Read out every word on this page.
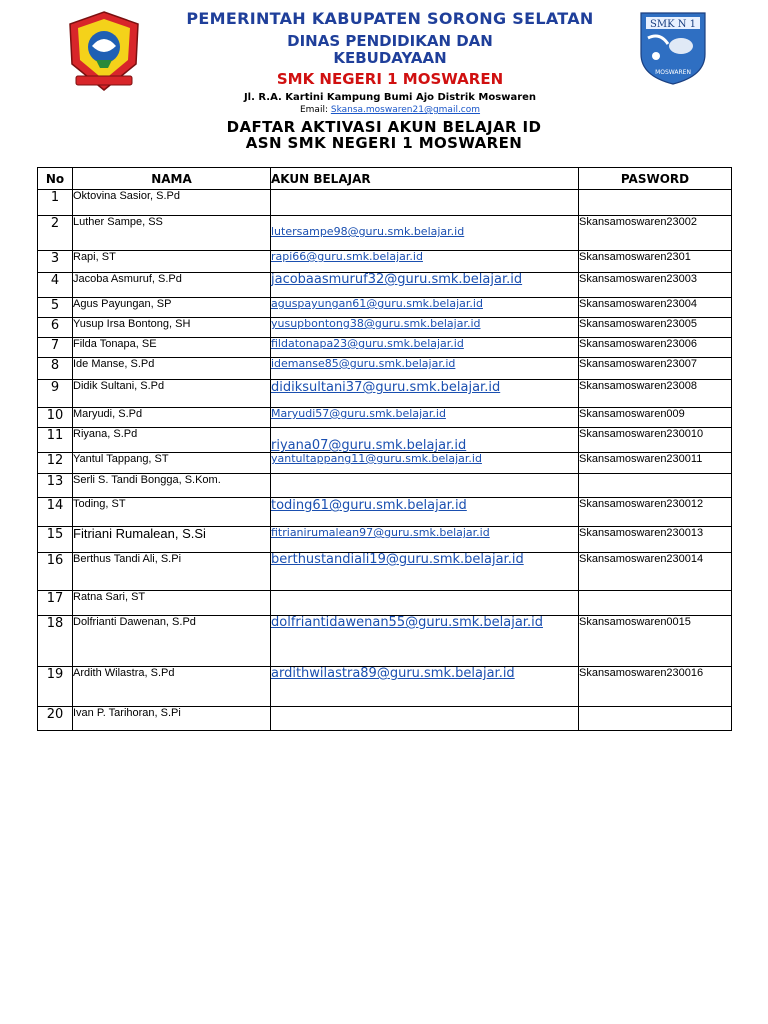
PEMERINTAH KABUPATEN SORONG SELATAN
DINAS PENDIDIKAN DAN
KEBUDAYAAN
SMK NEGERI 1 MOSWAREN
Jl. R.A. Kartini Kampung Bumi Ajo Distrik Moswaren
Email: Skansa.moswaren21@gmail.com
SMK N 1
MOSWAREN
DAFTAR AKTIVASI AKUN BELAJAR ID
ASN SMK NEGERI 1 MOSWAREN
No	NAMA	AKUN BELAJAR	PASWORD
1	Oktovina Sasior, S.Pd	

2	Luther Sampe, SS	lutersampe98@guru.smk.belajar.id	Skansamoswaren23002
3	Rapi, ST	rapi66@guru.smk.belajar.id	Skansamoswaren2301
4	Jacoba Asmuruf, S.Pd	jacobaasmuruf32@guru.smk.belajar.id	Skansamoswaren23003
5	Agus Payungan, SP	aguspayungan61@guru.smk.belajar.id	Skansamoswaren23004
6	Yusup Irsa Bontong, SH	yusupbontong38@guru.smk.belajar.id	Skansamoswaren23005
7	Filda Tonapa, SE	fildatonapa23@guru.smk.belajar.id	Skansamoswaren23006
8	Ide Manse, S.Pd	idemanse85@guru.smk.belajar.id	Skansamoswaren23007
9	Didik Sultani, S.Pd	didiksultani37@guru.smk.belajar.id	Skansamoswaren23008
10	Maryudi, S.Pd	Maryudi57@guru.smk.belajar.id	Skansamoswaren009
11	Riyana, S.Pd	riyana07@guru.smk.belajar.id	Skansamoswaren230010
12	Yantul Tappang, ST	yantultappang11@guru.smk.belajar.id	Skansamoswaren230011
13	Serli S. Tandi Bongga, S.Kom.	

14	Toding, ST	toding61@guru.smk.belajar.id	Skansamoswaren230012
15	Fitriani Rumalean, S.Si	fitrianirumalean97@guru.smk.belajar.id	Skansamoswaren230013
16	Berthus Tandi Ali, S.Pi	berthustandiali19@guru.smk.belajar.id	Skansamoswaren230014
17	Ratna Sari, ST	

18	Dolfrianti Dawenan, S.Pd	dolfriantidawenan55@guru.smk.belajar.id	Skansamoswaren0015
19	Ardith Wilastra, S.Pd	ardithwilastra89@guru.smk.belajar.id	Skansamoswaren230016
20	Ivan P. Tarihoran, S.Pi	
